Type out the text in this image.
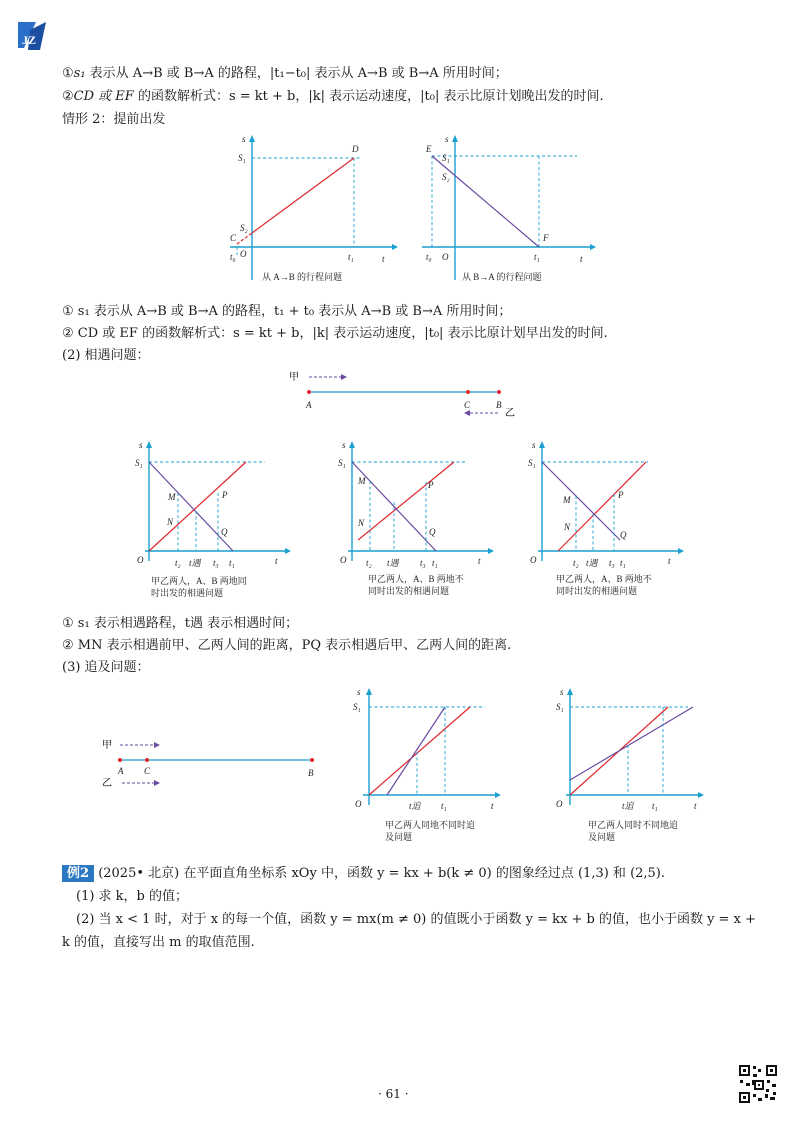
JZ
①s₁ 表示从 A→B 或 B→A 的路程，|t₁−t₀| 表示从 A→B 或 B→A 所用时间；
②CD 或 EF 的函数解析式：s = kt + b，|k| 表示运动速度，|t₀| 表示比原计划晚出发的时间.
情形 2：提前出发
s
t
S₁
S₂
C
D
O
t₀	t₁
从 A→B 的行程问题
s
t
E
S₁
S₂
F
O
t₀	t₁
从 B→A 的行程问题
① s₁ 表示从 A→B 或 B→A 的路程，t₁ + t₀ 表示从 A→B 或 B→A 所用时间；
② CD 或 EF 的函数解析式：s = kt + b，|k| 表示运动速度，|t₀| 表示比原计划早出发的时间.
(2) 相遇问题：
甲
A	C	B
乙
s
t
S₁
M
N
P
Q
O	t₂ t遇 t₃ t₁
甲乙两人，A、B 两地同
时出发的相遇问题
s
t
S₁
M
N
P
Q
O t₂ t遇 t₃ t₁
甲乙两人，A、B 两地不
同时出发的相遇问题
s
t
S₁
M
N
P
Q
O	t₂ t遇 t₃ t₁
甲乙两人，A、B 两地不
同时出发的相遇问题
① s₁ 表示相遇路程，t遇 表示相遇时间；
② MN 表示相遇前甲、乙两人间的距离，PQ 表示相遇后甲、乙两人间的距离.
(3) 追及问题：
甲
A C	B
乙
s
t
S₁
O	t追 t₁
甲乙两人同地不同时追
及问题
s
t
S₁
O	t追 t₁
甲乙两人同时不同地追
及问题
例2 (2025• 北京) 在平面直角坐标系 xOy 中，函数 y = kx + b(k ≠ 0) 的图象经过点 (1,3) 和 (2,5).
(1) 求 k，b 的值；
(2) 当 x < 1 时，对于 x 的每一个值，函数 y = mx(m ≠ 0) 的值既小于函数 y = kx + b 的值，也小于函数 y = x +
k 的值，直接写出 m 的取值范围.
· 61 ·
